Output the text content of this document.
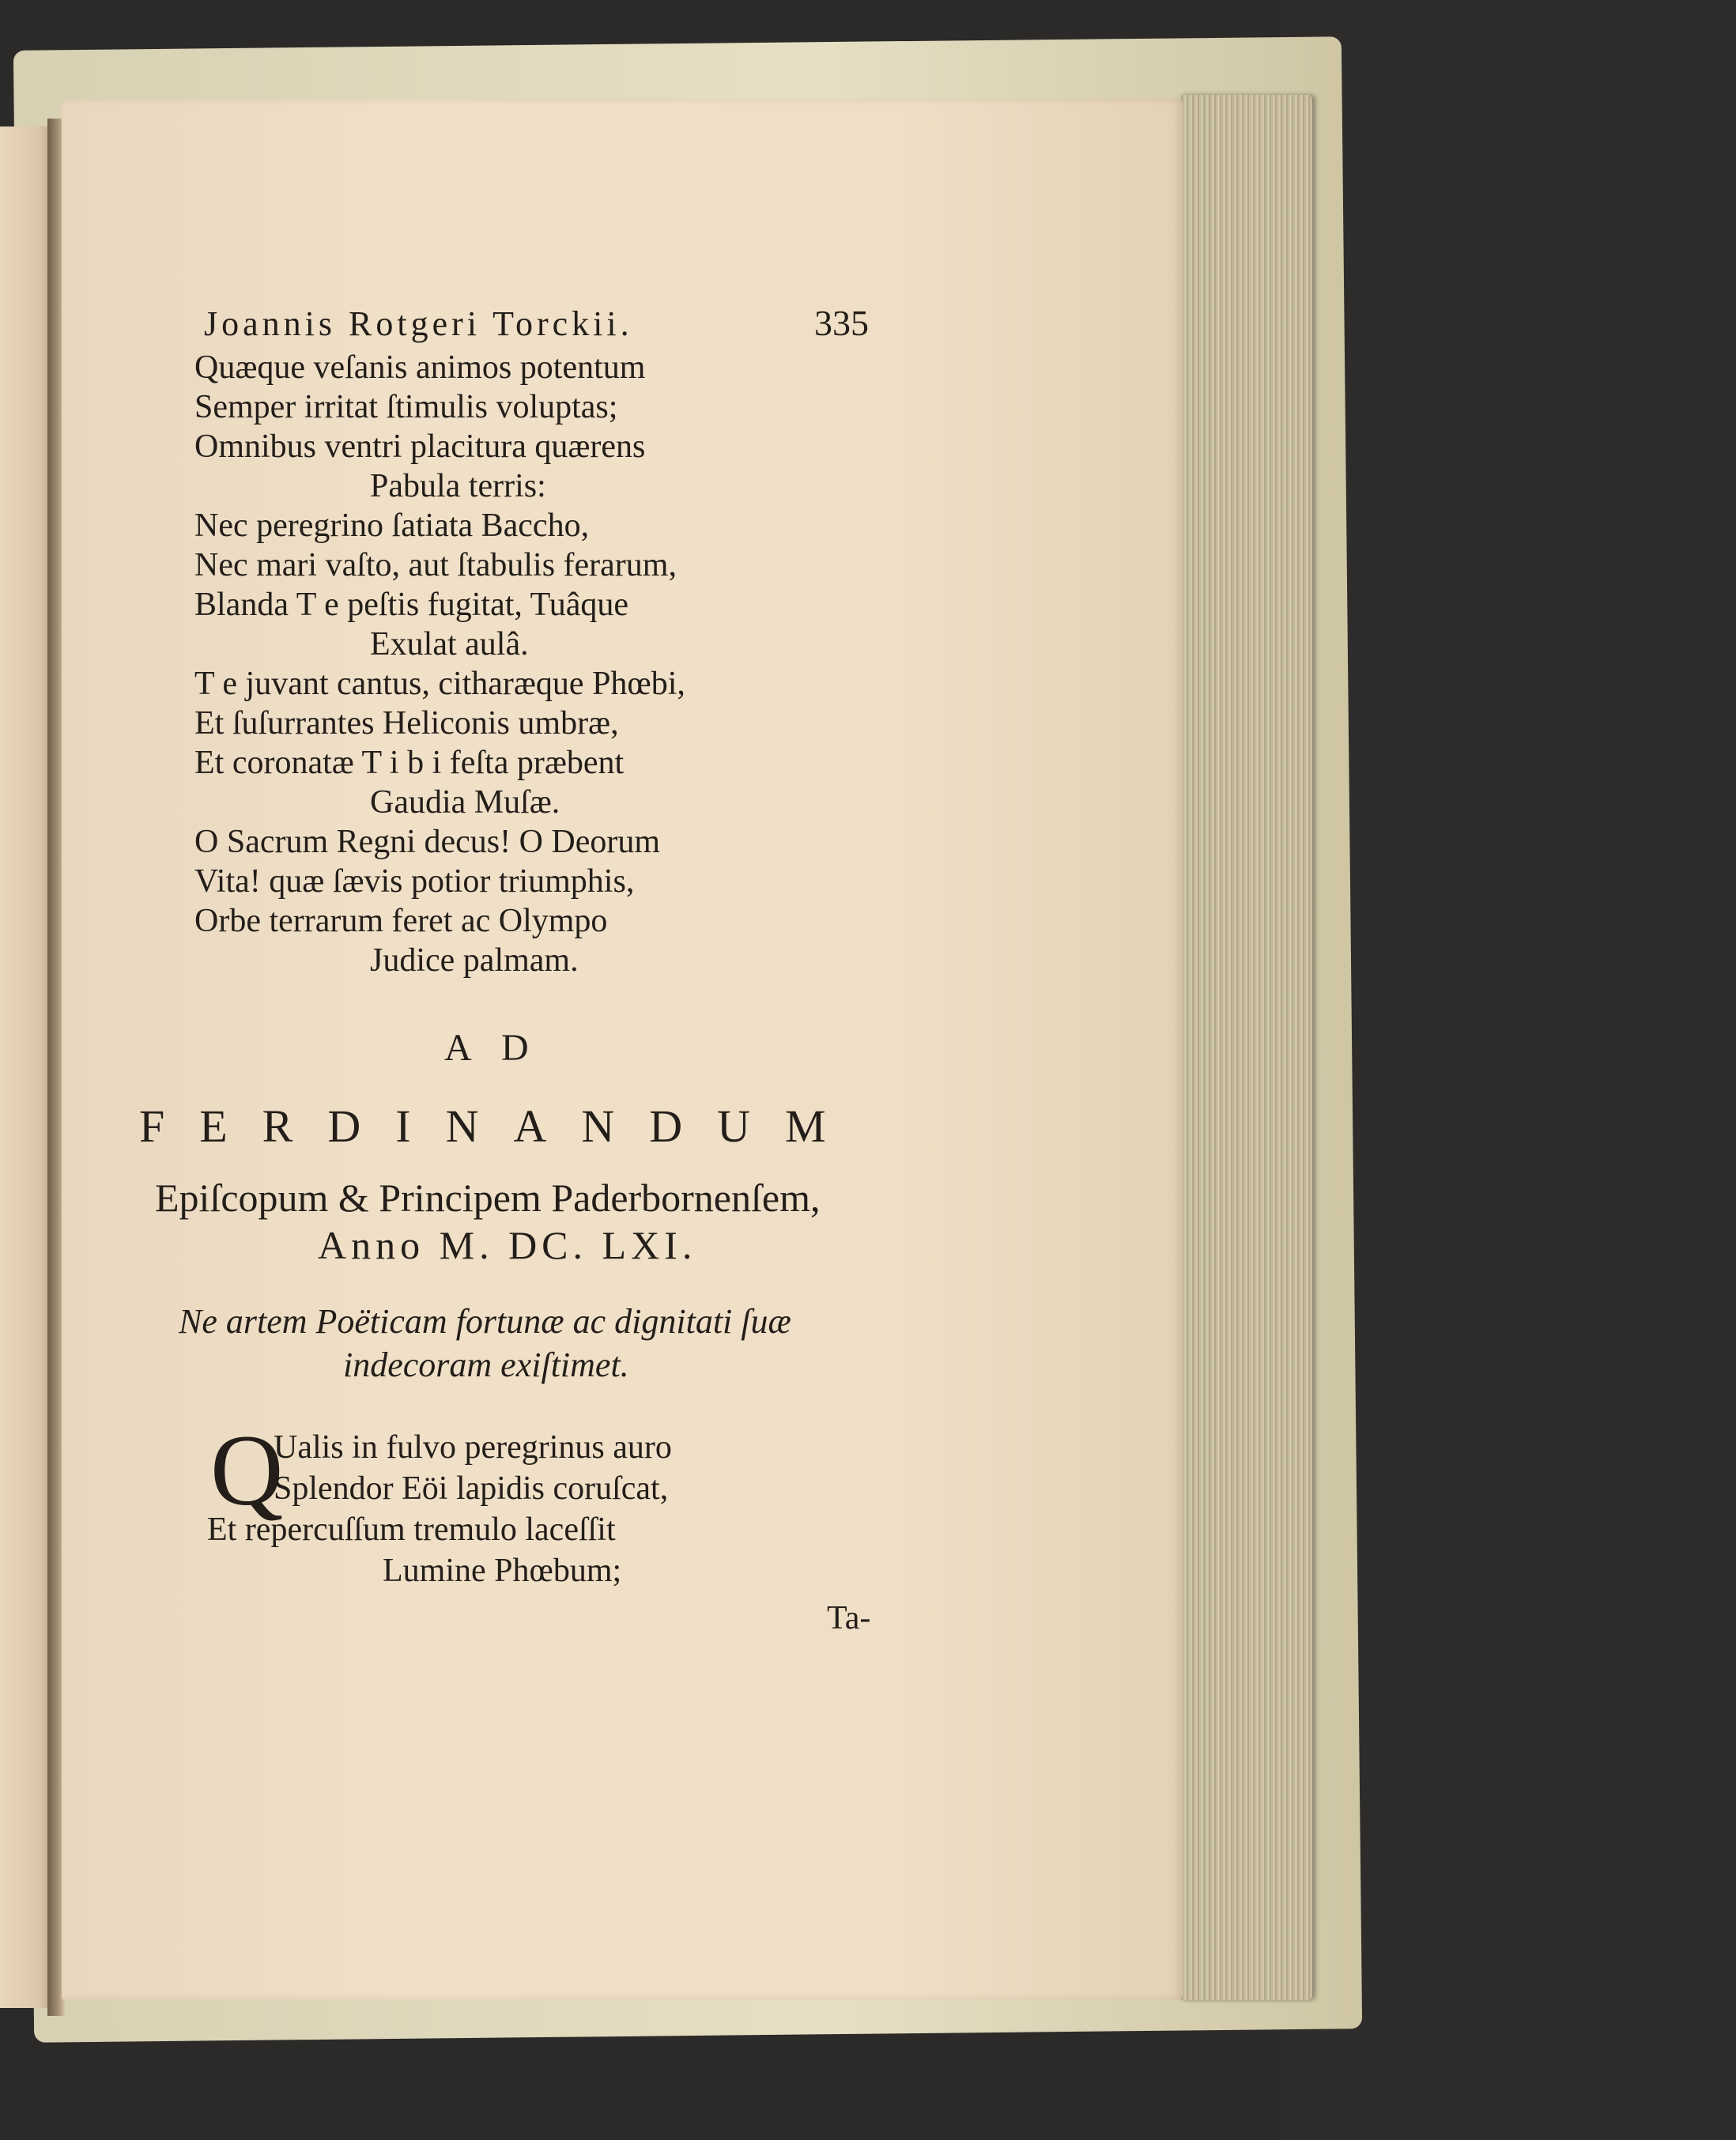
Joannis Rotgeri Torckii.	335
Quæque veſanis animos potentum
Semper irritat ſtimulis voluptas;
Omnibus ventri placitura quærens
Pabula terris:
Nec peregrino ſatiata Baccho,
Nec mari vaſto, aut ſtabulis ferarum,
Blanda T e peſtis fugitat, Tuâque
Exulat aulâ.
T e juvant cantus, citharæque Phœbi,
Et ſuſurrantes Heliconis umbræ,
Et coronatæ T i b i feſta præbent
Gaudia Muſæ.
O Sacrum Regni decus! O Deorum
Vita! quæ ſævis potior triumphis,
Orbe terrarum feret ac Olympo
Judice palmam.
A D
FERDINANDUM
Epiſcopum & Principem Paderbornenſem,
Anno M. DC. LXI.
Ne artem Poëticam fortunæ ac dignitati ſuæ
indecoram exiſtimet.
Q
Ualis in fulvo peregrinus auro
Splendor Eöi lapidis coruſcat,
Et repercuſſum tremulo laceſſit
Lumine Phœbum;
Ta-
